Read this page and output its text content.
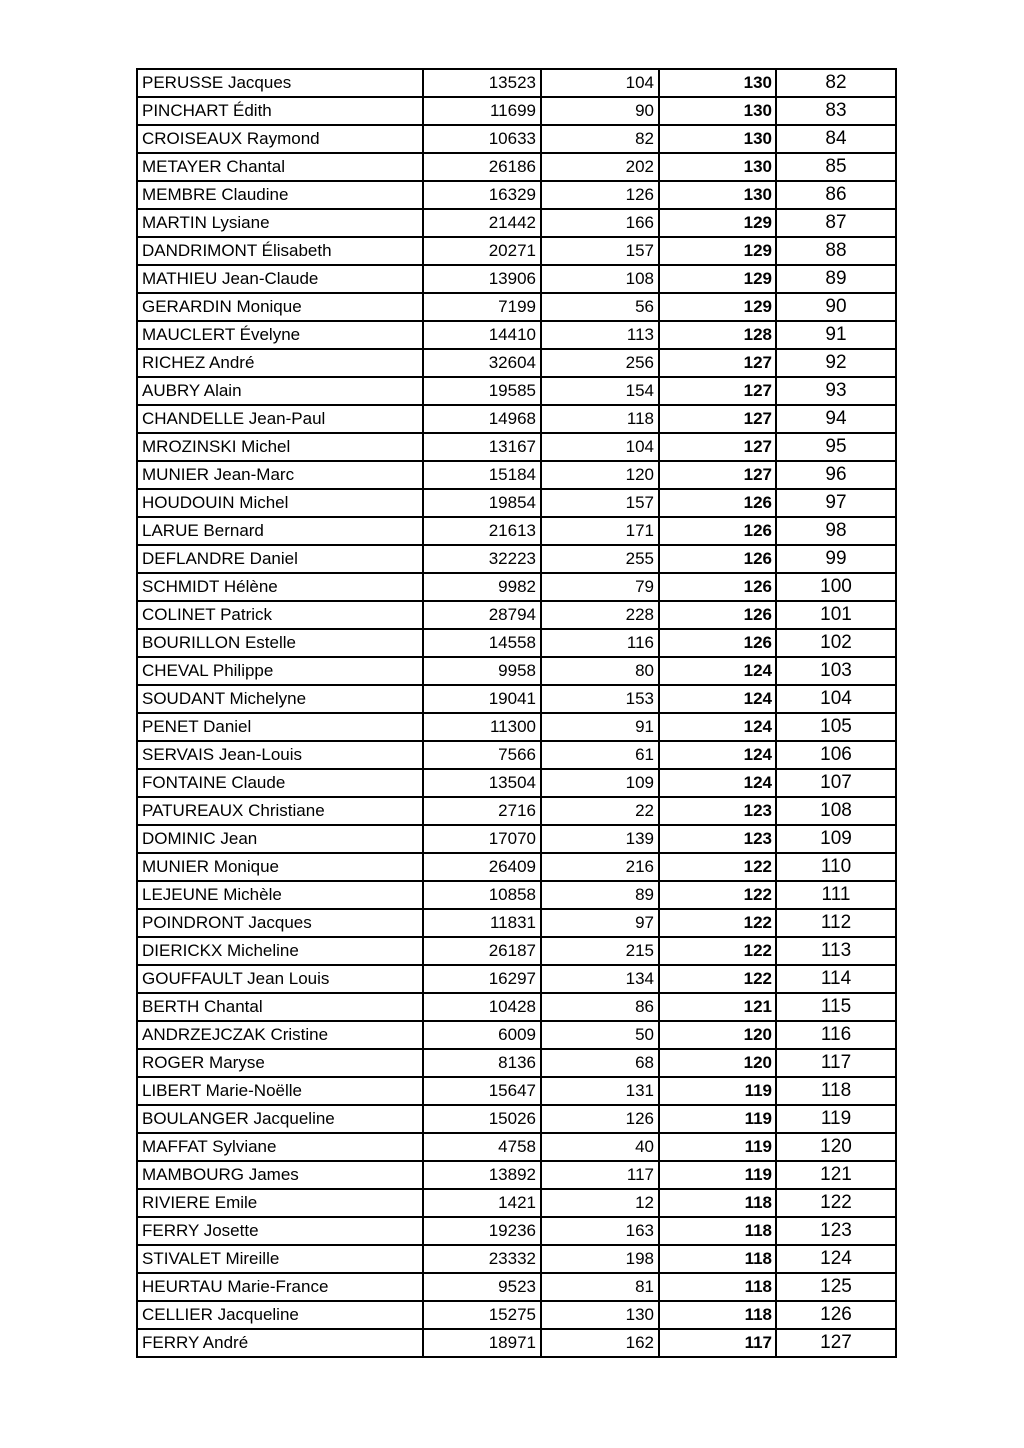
PERUSSE Jacques	13523	104	130	82
PINCHART Édith	11699	90	130	83
CROISEAUX Raymond	10633	82	130	84
METAYER Chantal	26186	202	130	85
MEMBRE Claudine	16329	126	130	86
MARTIN Lysiane	21442	166	129	87
DANDRIMONT Élisabeth	20271	157	129	88
MATHIEU Jean-Claude	13906	108	129	89
GERARDIN Monique	7199	56	129	90
MAUCLERT Évelyne	14410	113	128	91
RICHEZ André	32604	256	127	92
AUBRY Alain	19585	154	127	93
CHANDELLE Jean-Paul	14968	118	127	94
MROZINSKI Michel	13167	104	127	95
MUNIER Jean-Marc	15184	120	127	96
HOUDOUIN Michel	19854	157	126	97
LARUE Bernard	21613	171	126	98
DEFLANDRE Daniel	32223	255	126	99
SCHMIDT Hélène	9982	79	126	100
COLINET Patrick	28794	228	126	101
BOURILLON Estelle	14558	116	126	102
CHEVAL Philippe	9958	80	124	103
SOUDANT Michelyne	19041	153	124	104
PENET Daniel	11300	91	124	105
SERVAIS Jean-Louis	7566	61	124	106
FONTAINE Claude	13504	109	124	107
PATUREAUX Christiane	2716	22	123	108
DOMINIC Jean	17070	139	123	109
MUNIER Monique	26409	216	122	110
LEJEUNE Michèle	10858	89	122	111
POINDRONT Jacques	11831	97	122	112
DIERICKX Micheline	26187	215	122	113
GOUFFAULT Jean Louis	16297	134	122	114
BERTH Chantal	10428	86	121	115
ANDRZEJCZAK Cristine	6009	50	120	116
ROGER Maryse	8136	68	120	117
LIBERT Marie-Noëlle	15647	131	119	118
BOULANGER Jacqueline	15026	126	119	119
MAFFAT Sylviane	4758	40	119	120
MAMBOURG James	13892	117	119	121
RIVIERE Emile	1421	12	118	122
FERRY Josette	19236	163	118	123
STIVALET Mireille	23332	198	118	124
HEURTAU Marie-France	9523	81	118	125
CELLIER Jacqueline	15275	130	118	126
FERRY André	18971	162	117	127
